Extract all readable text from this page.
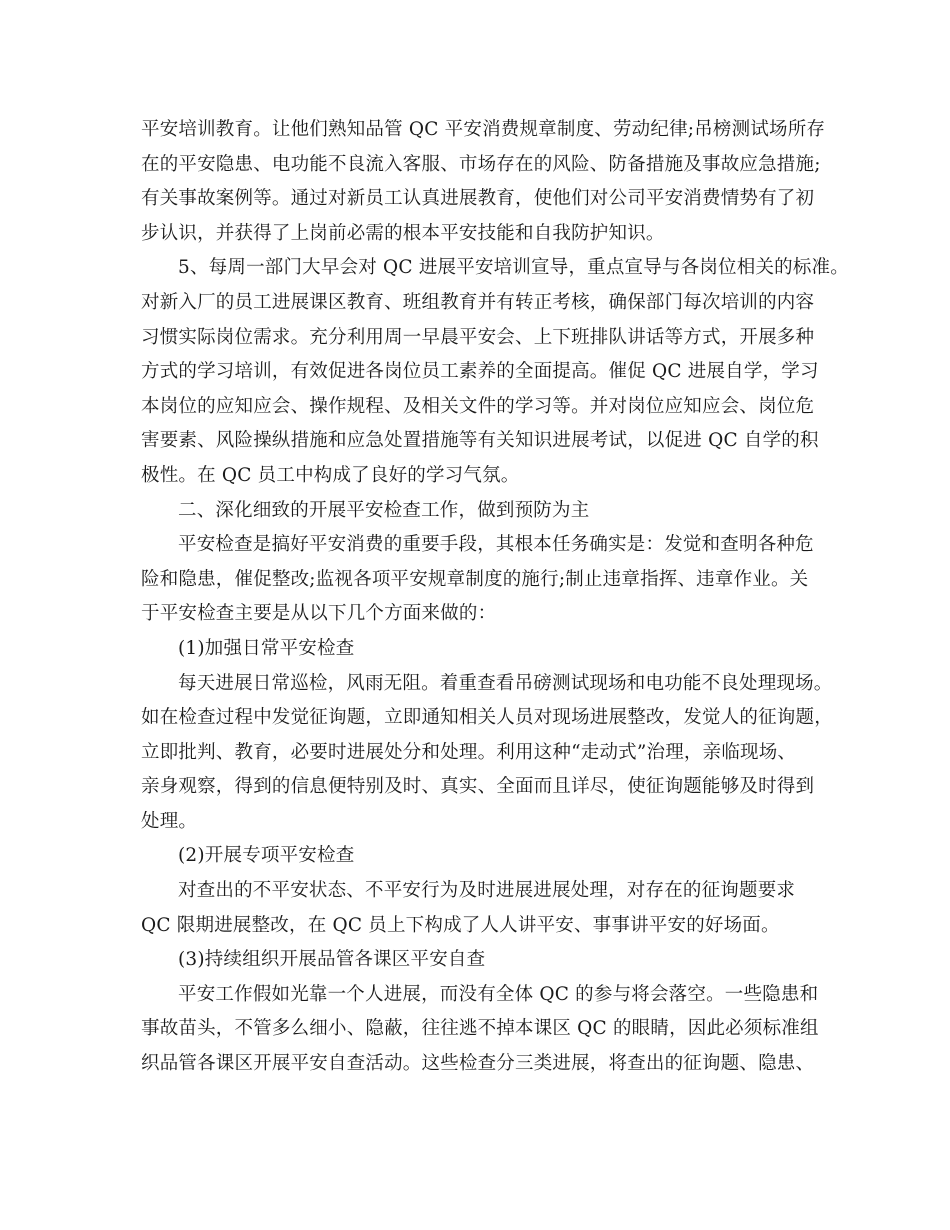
平安培训教育。让他们熟知品管 QC 平安消费规章制度、劳动纪律;吊榜测试场所存
在的平安隐患、电功能不良流入客服、市场存在的风险、防备措施及事故应急措施;
有关事故案例等。通过对新员工认真进展教育，使他们对公司平安消费情势有了初
步认识，并获得了上岗前必需的根本平安技能和自我防护知识。
5、每周一部门大早会对 QC 进展平安培训宣导，重点宣导与各岗位相关的标准。
对新入厂的员工进展课区教育、班组教育并有转正考核，确保部门每次培训的内容
习惯实际岗位需求。充分利用周一早晨平安会、上下班排队讲话等方式，开展多种
方式的学习培训，有效促进各岗位员工素养的全面提高。催促 QC 进展自学，学习
本岗位的应知应会、操作规程、及相关文件的学习等。并对岗位应知应会、岗位危
害要素、风险操纵措施和应急处置措施等有关知识进展考试，以促进 QC 自学的积
极性。在 QC 员工中构成了良好的学习气氛。
二、深化细致的开展平安检查工作，做到预防为主
平安检查是搞好平安消费的重要手段，其根本任务确实是：发觉和查明各种危
险和隐患，催促整改;监视各项平安规章制度的施行;制止违章指挥、违章作业。关
于平安检查主要是从以下几个方面来做的：
(1)加强日常平安检查
每天进展日常巡检，风雨无阻。着重查看吊磅测试现场和电功能不良处理现场。
如在检查过程中发觉征询题，立即通知相关人员对现场进展整改，发觉人的征询题，
立即批判、教育，必要时进展处分和处理。利用这种“走动式”治理，亲临现场、
亲身观察，得到的信息便特别及时、真实、全面而且详尽，使征询题能够及时得到
处理。
(2)开展专项平安检查
对查出的不平安状态、不平安行为及时进展进展处理，对存在的征询题要求
QC 限期进展整改，在 QC 员上下构成了人人讲平安、事事讲平安的好场面。
(3)持续组织开展品管各课区平安自查
平安工作假如光靠一个人进展，而没有全体 QC 的参与将会落空。一些隐患和
事故苗头，不管多么细小、隐蔽，往往逃不掉本课区 QC 的眼睛，因此必须标准组
织品管各课区开展平安自查活动。这些检查分三类进展，将查出的征询题、隐患、
